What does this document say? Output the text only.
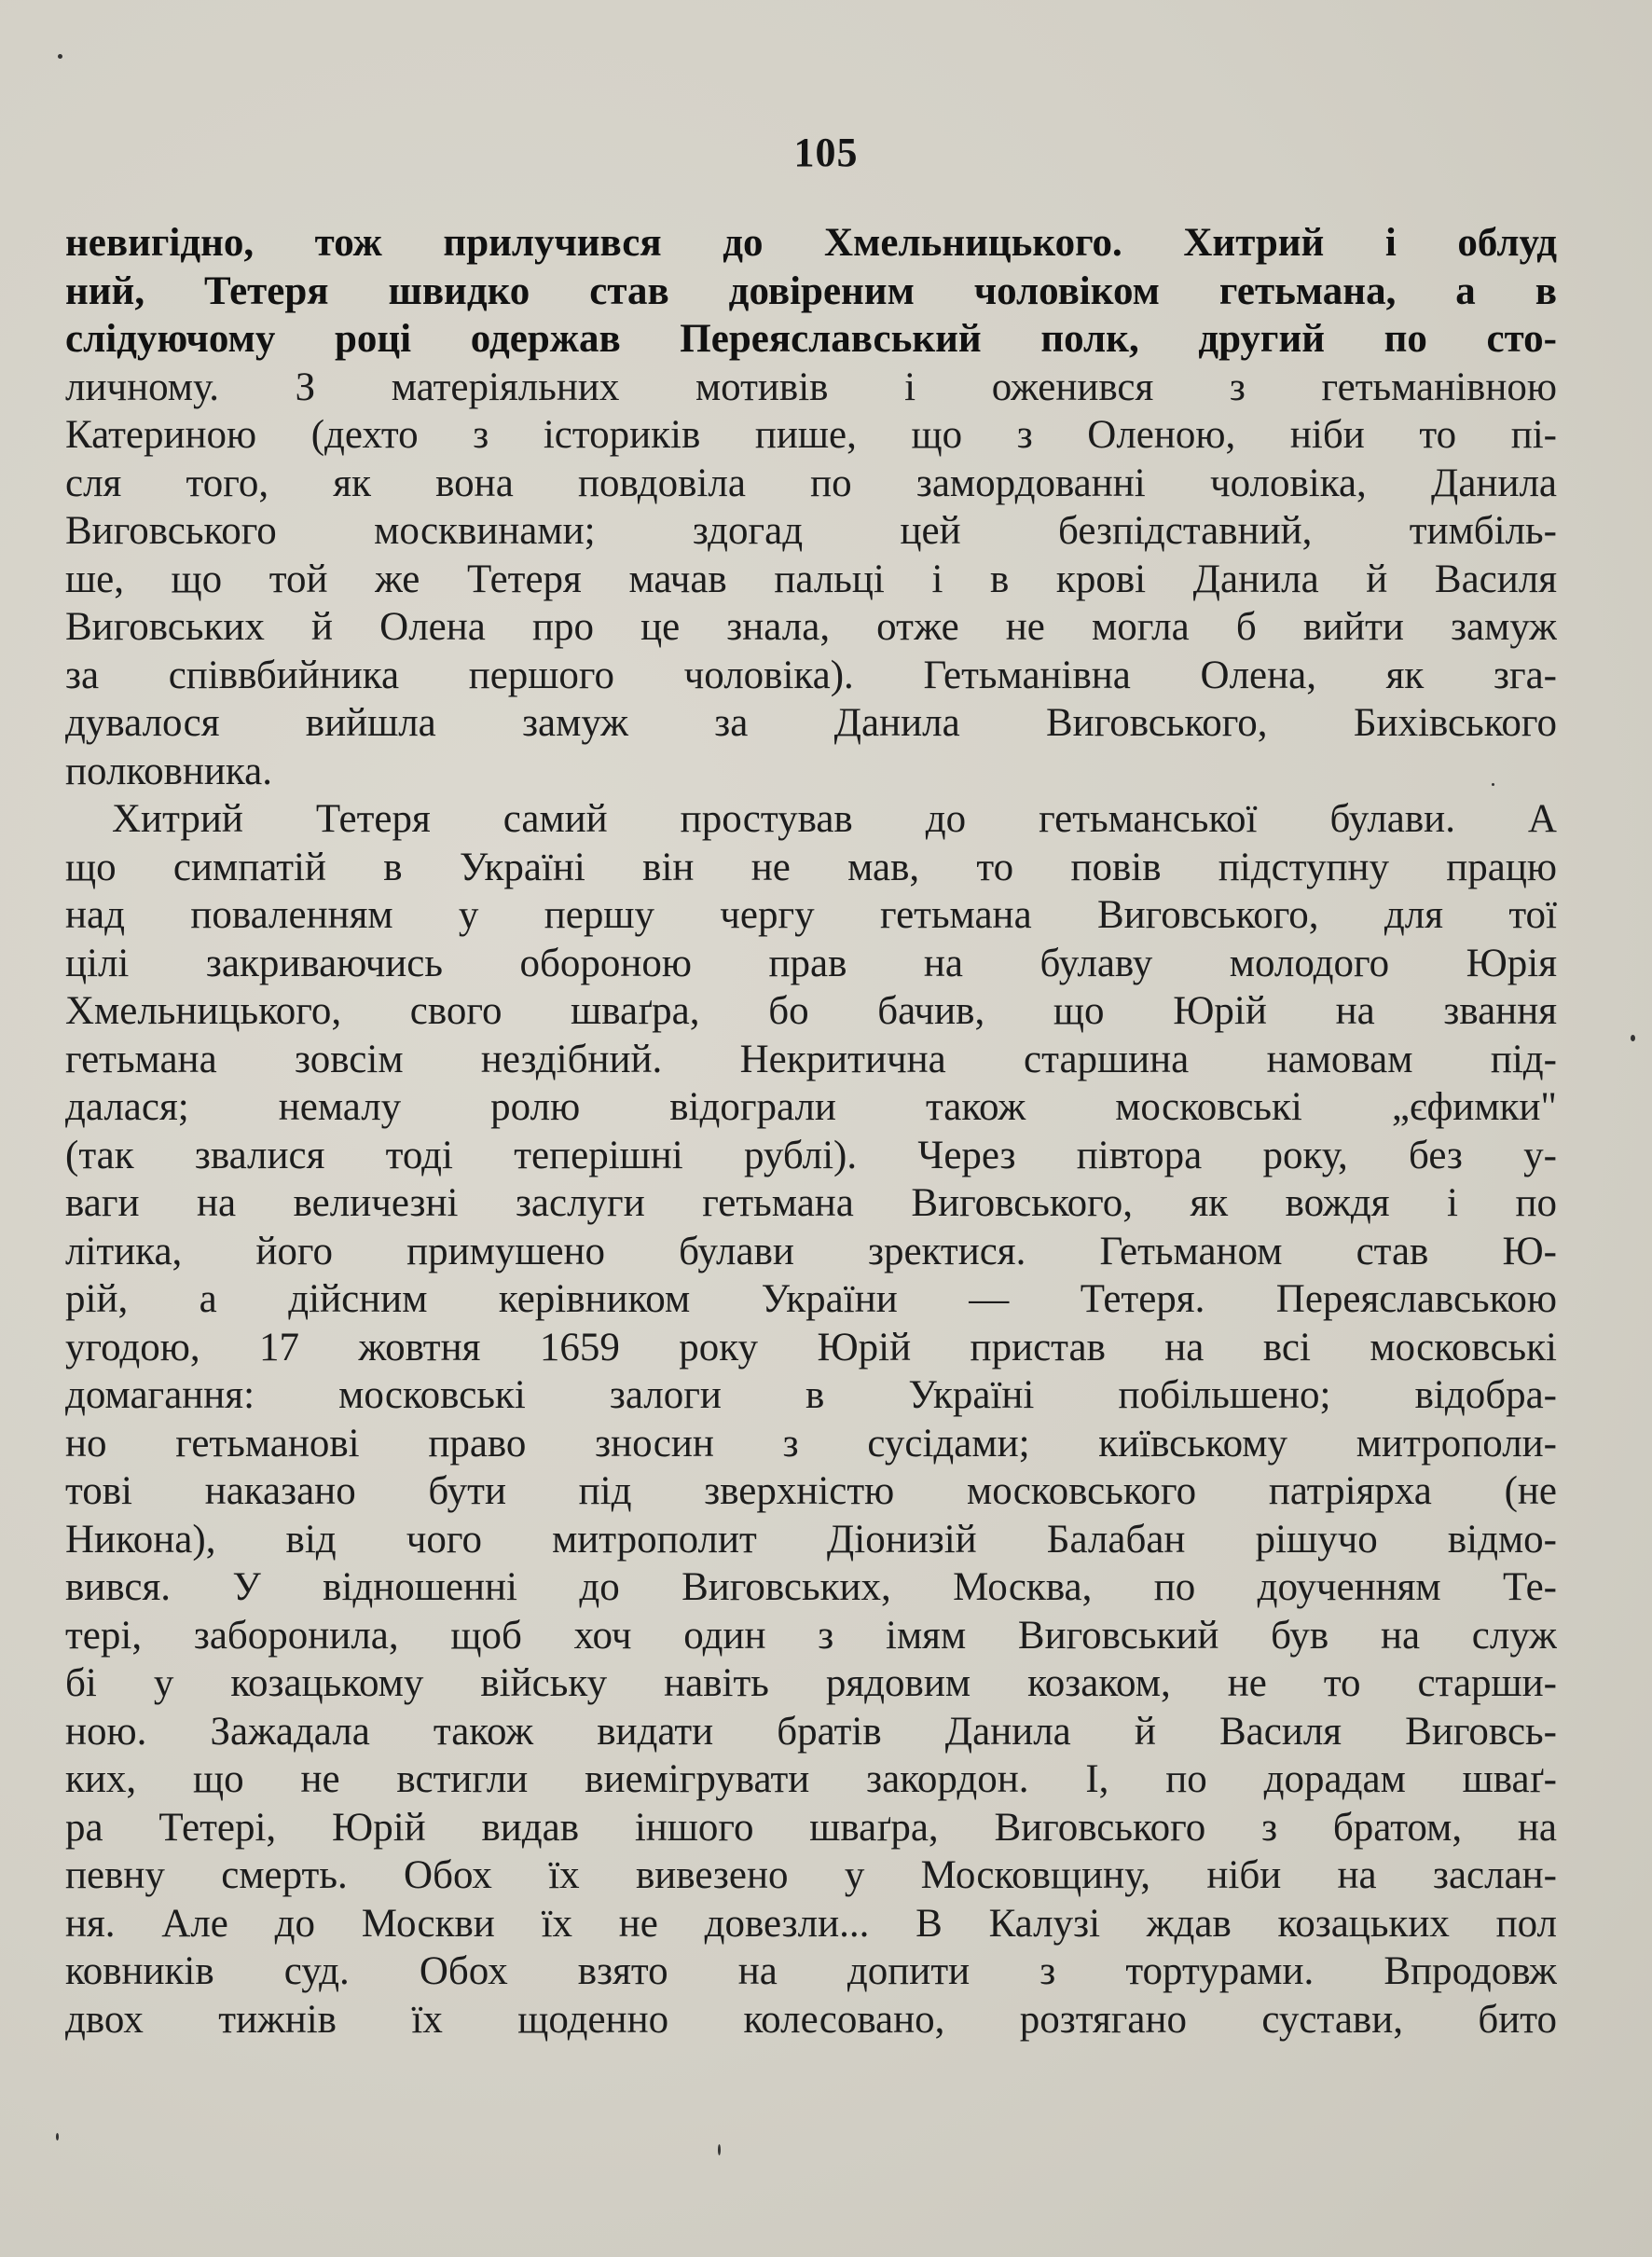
105
невигідно, тож прилучився до Хмельницького. Хитрий і облуд
ний, Тетеря швидко став довіреним чоловіком гетьмана, а в
слідуючому році одержав Переяславський полк, другий по сто-
личному. З матеріяльних мотивів і оженився з гетьманівною
Катериною (дехто з істориків пише, що з Оленою, ніби то пі-
сля того, як вона повдовіла по замордованні чоловіка, Данила
Виговського москвинами; здогад цей безпідставний, тимбіль-
ше, що той же Тетеря мачав пальці і в крові Данила й Василя
Виговських й Олена про це знала, отже не могла б вийти замуж
за співвбийника першого чоловіка). Гетьманівна Олена, як зга-
дувалося вийшла замуж за Данила Виговського, Бихівського
полковника.
Хитрий Тетеря самий простував до гетьманської булави. А
що симпатій в Україні він не мав, то повів підступну працю
над поваленням у першу чергу гетьмана Виговського, для тої
цілі закриваючись обороною прав на булаву молодого Юрія
Хмельницького, свого шваґра, бо бачив, що Юрій на звання
гетьмана зовсім нездібний. Некритична старшина намовам під-
далася; немалу ролю відограли також московські „єфимки"
(так звалися тоді теперішні рублі). Через півтора року, без у-
ваги на величезні заслуги гетьмана Виговського, як вождя і по
літика, його примушено булави зректися. Гетьманом став Ю-
рій, а дійсним керівником України — Тетеря. Переяславською
угодою, 17 жовтня 1659 року Юрій пристав на всі московські
домагання: московські залоги в Україні побільшено; відобра-
но гетьманові право зносин з сусідами; київському митрополи-
тові наказано бути під зверхністю московського патріярха (не
Никона), від чого митрополит Діонизій Балабан рішучо відмо-
вився. У відношенні до Виговських, Москва, по доученням Те-
тері, заборонила, щоб хоч один з імям Виговський був на служ
бі у козацькому війську навіть рядовим козаком, не то старши-
ною. Зажадала також видати братів Данила й Василя Виговсь-
ких, що не встигли виемігрувати закордон. І, по дорадам шваґ-
ра Тетері, Юрій видав іншого шваґра, Виговського з братом, на
певну смерть. Обох їх вивезено у Московщину, ніби на заслан-
ня. Але до Москви їх не довезли... В Калузі ждав козацьких пол
ковників суд. Обох взято на допити з тортурами. Впродовж
двох тижнів їх щоденно колесовано, розтягано сустави, бито
